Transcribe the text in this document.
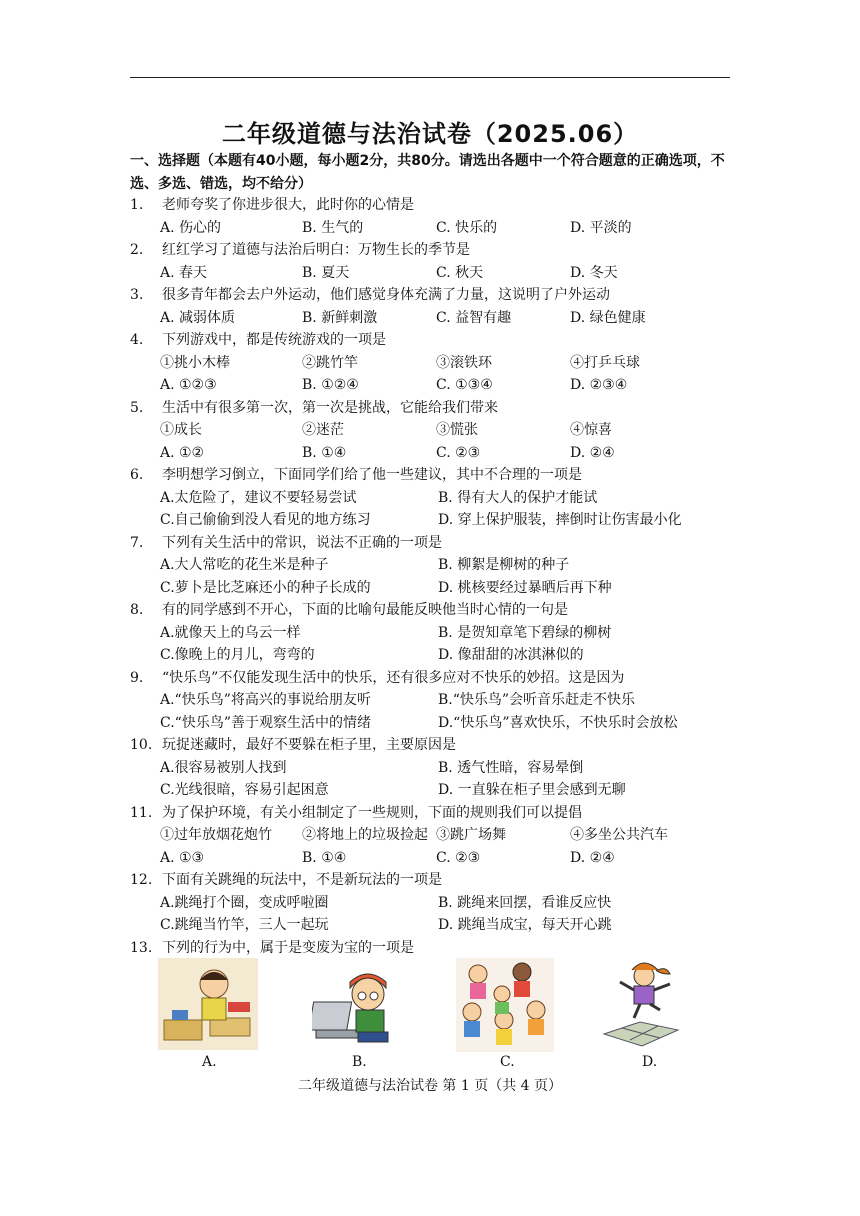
二年级道德与法治试卷（2025.06）
一、选择题（本题有40小题，每小题2分，共80分。请选出各题中一个符合题意的正确选项，不选、多选、错选，均不给分）
1. 老师夸奖了你进步很大，此时你的心情是
A. 伤心的	B. 生气的	C. 快乐的	D. 平淡的
2. 红红学习了道德与法治后明白：万物生长的季节是
A. 春天	B. 夏天	C. 秋天	D. 冬天
3. 很多青年都会去户外运动，他们感觉身体充满了力量，这说明了户外运动
A. 减弱体质	B. 新鲜刺激	C. 益智有趣	D. 绿色健康
4. 下列游戏中，都是传统游戏的一项是
①挑小木棒	②跳竹竿	③滚铁环	④打乒乓球
A. ①②③	B. ①②④	C. ①③④	D. ②③④
5. 生活中有很多第一次，第一次是挑战，它能给我们带来
①成长	②迷茫	③慌张	④惊喜
A. ①②	B. ①④	C. ②③	D. ②④
6. 李明想学习倒立，下面同学们给了他一些建议，其中不合理的一项是
A.太危险了，建议不要轻易尝试	B. 得有大人的保护才能试
C.自己偷偷到没人看见的地方练习	D. 穿上保护服装，摔倒时让伤害最小化
7. 下列有关生活中的常识，说法不正确的一项是
A.大人常吃的花生米是种子	B. 柳絮是柳树的种子
C.萝卜是比芝麻还小的种子长成的	D. 桃核要经过暴晒后再下种
8. 有的同学感到不开心，下面的比喻句最能反映他当时心情的一句是
A.就像天上的乌云一样	B. 是贺知章笔下碧绿的柳树
C.像晚上的月儿，弯弯的	D. 像甜甜的冰淇淋似的
9. “快乐鸟”不仅能发现生活中的快乐，还有很多应对不快乐的妙招。这是因为
A.“快乐鸟”将高兴的事说给朋友听	B.“快乐鸟”会听音乐赶走不快乐
C.“快乐鸟”善于观察生活中的情绪	D.“快乐鸟”喜欢快乐，不快乐时会放松
10. 玩捉迷藏时，最好不要躲在柜子里，主要原因是
A.很容易被别人找到	B. 透气性暗，容易晕倒
C.光线很暗，容易引起困意	D. 一直躲在柜子里会感到无聊
11. 为了保护环境，有关小组制定了一些规则，下面的规则我们可以提倡
①过年放烟花炮竹 ②将地上的垃圾捡起 ③跳广场舞	④多坐公共汽车
A. ①③	B. ①④	C. ②③	D. ②④
12. 下面有关跳绳的玩法中，不是新玩法的一项是
A.跳绳打个圈，变成呼啦圈	B. 跳绳来回摆，看谁反应快
C.跳绳当竹竿，三人一起玩	D. 跳绳当成宝，每天开心跳
13. 下列的行为中，属于是变废为宝的一项是
A.	B.	C.	D.
二年级道德与法治试卷 第 1 页（共 4 页）
